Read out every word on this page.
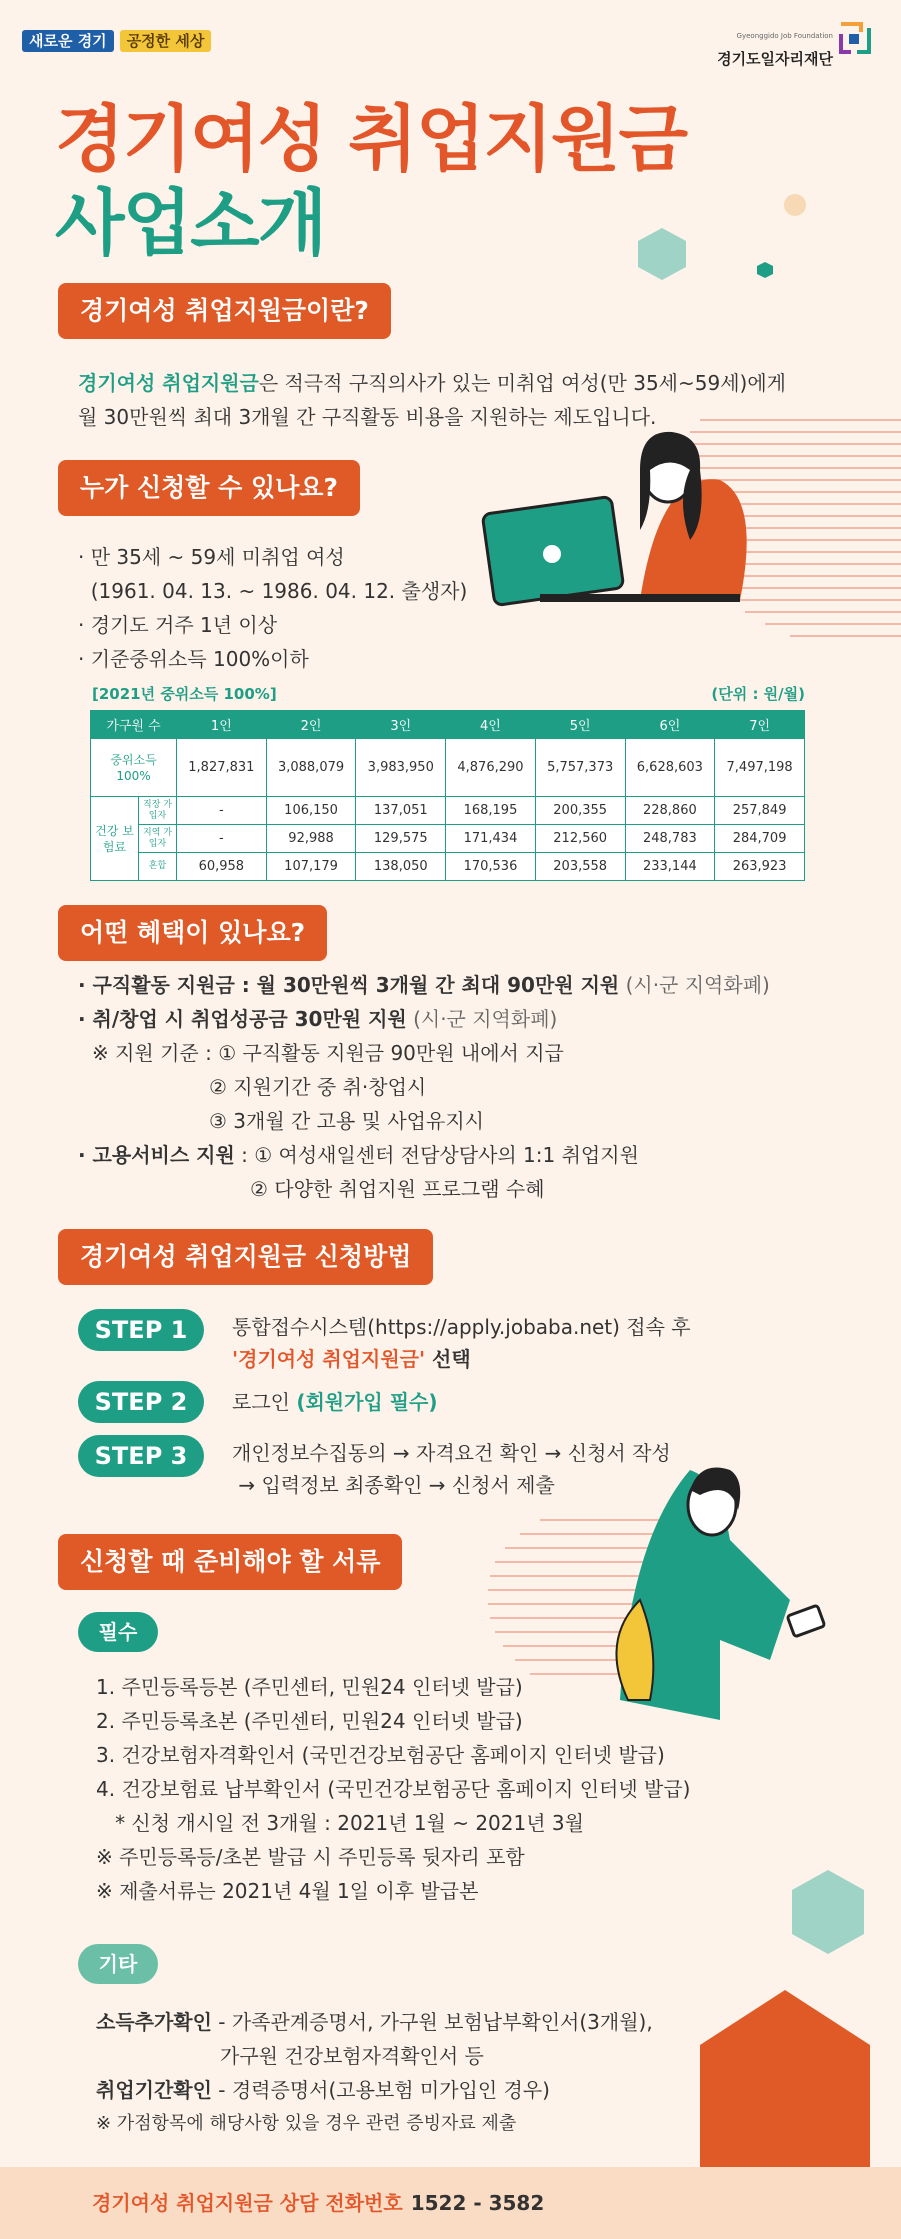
새로운 경기	공정한 세상	Gyeonggido Job Foundation
경기도일자리재단
경기여성 취업지원금
사업소개
경기여성 취업지원금이란?
경기여성 취업지원금은 적극적 구직의사가 있는 미취업 여성(만 35세~59세)에게
월 30만원씩 최대 3개월 간 구직활동 비용을 지원하는 제도입니다.
누가 신청할 수 있나요?
· 만 35세 ~ 59세 미취업 여성
(1961. 04. 13. ~ 1986. 04. 12. 출생자)
· 경기도 거주 1년 이상
· 기준중위소득 100%이하
[2021년 중위소득 100%]	(단위 : 원/월)
가구원 수		1인	2인	3인	4인	5인	6인	7인
중위소득 100%		1,827,831	3,088,079	3,983,950	4,876,290	5,757,373	6,628,603	7,497,198
건강 보험료	직장 가입자	-	106,150	137,051	168,195	200,355	228,860	257,849
	지역 가입자	-	92,988	129,575	171,434	212,560	248,783	284,709
	혼합	60,958	107,179	138,050	170,536	203,558	233,144	263,923
어떤 혜택이 있나요?
· 구직활동 지원금 : 월 30만원씩 3개월 간 최대 90만원 지원 (시·군 지역화폐)
· 취/창업 시 취업성공금 30만원 지원 (시·군 지역화폐)
※ 지원 기준 : ① 구직활동 지원금 90만원 내에서 지급
② 지원기간 중 취·창업시
③ 3개월 간 고용 및 사업유지시
· 고용서비스 지원 : ① 여성새일센터 전담상담사의 1:1 취업지원
② 다양한 취업지원 프로그램 수혜
경기여성 취업지원금 신청방법
STEP 1	통합접수시스템(https://apply.jobaba.net) 접속 후
'경기여성 취업지원금' 선택
STEP 2	로그인 (회원가입 필수)
STEP 3	개인정보수집동의 → 자격요건 확인 → 신청서 작성
→ 입력정보 최종확인 → 신청서 제출
신청할 때 준비해야 할 서류
필수
1. 주민등록등본 (주민센터, 민원24 인터넷 발급)
2. 주민등록초본 (주민센터, 민원24 인터넷 발급)
3. 건강보험자격확인서 (국민건강보험공단 홈페이지 인터넷 발급)
4. 건강보험료 납부확인서 (국민건강보험공단 홈페이지 인터넷 발급)
* 신청 개시일 전 3개월 : 2021년 1월 ~ 2021년 3월
※ 주민등록등/초본 발급 시 주민등록 뒷자리 포함
※ 제출서류는 2021년 4월 1일 이후 발급본
기타
소득추가확인 - 가족관계증명서, 가구원 보험납부확인서(3개월),
가구원 건강보험자격확인서 등
취업기간확인 - 경력증명서(고용보험 미가입인 경우)
※ 가점항목에 해당사항 있을 경우 관련 증빙자료 제출
경기여성 취업지원금 상담 전화번호 1522 - 3582
